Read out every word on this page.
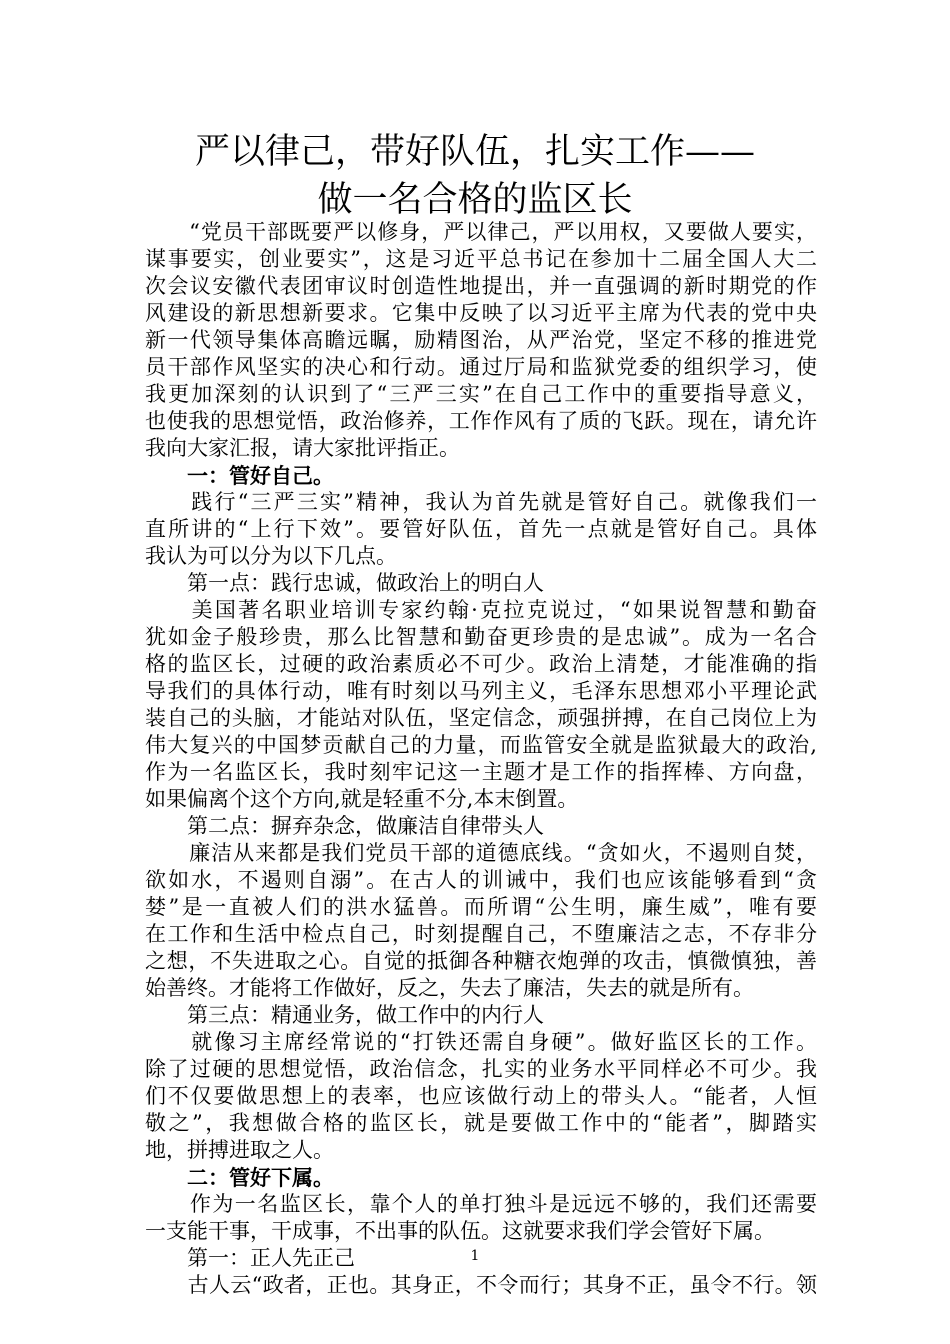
严以律己，带好队伍，扎实工作——
做一名合格的监区长
　　“党员干部既要严以修身，严以律己，严以用权，又要做人要实，
谋事要实，创业要实”，这是习近平总书记在参加十二届全国人大二
次会议安徽代表团审议时创造性地提出，并一直强调的新时期党的作
风建设的新思想新要求。它集中反映了以习近平主席为代表的党中央
新一代领导集体高瞻远瞩，励精图治，从严治党，坚定不移的推进党
员干部作风坚实的决心和行动。通过厅局和监狱党委的组织学习，使
我更加深刻的认识到了“三严三实”在自己工作中的重要指导意义，
也使我的思想觉悟，政治修养，工作作风有了质的飞跃。现在，请允许
我向大家汇报，请大家批评指正。
　　一：管好自己。
　　践行“三严三实”精神，我认为首先就是管好自己。就像我们一
直所讲的“上行下效”。要管好队伍，首先一点就是管好自己。具体
我认为可以分为以下几点。
　　第一点：践行忠诚，做政治上的明白人
　　美国著名职业培训专家约翰·克拉克说过，“如果说智慧和勤奋
犹如金子般珍贵，那么比智慧和勤奋更珍贵的是忠诚”。成为一名合
格的监区长，过硬的政治素质必不可少。政治上清楚，才能准确的指
导我们的具体行动，唯有时刻以马列主义，毛泽东思想邓小平理论武
装自己的头脑，才能站对队伍，坚定信念，顽强拼搏，在自己岗位上为
伟大复兴的中国梦贡献自己的力量，而监管安全就是监狱最大的政治,
作为一名监区长，我时刻牢记这一主题才是工作的指挥棒、方向盘，
如果偏离个这个方向,就是轻重不分,本末倒置。
　　第二点：摒弃杂念，做廉洁自律带头人
　　廉洁从来都是我们党员干部的道德底线。“贪如火，不遏则自焚，
欲如水，不遏则自溺”。在古人的训诫中，我们也应该能够看到“贪
婪”是一直被人们的洪水猛兽。而所谓“公生明，廉生威”，唯有要
在工作和生活中检点自己，时刻提醒自己，不堕廉洁之志，不存非分
之想，不失进取之心。自觉的抵御各种糖衣炮弹的攻击，慎微慎独，善
始善终。才能将工作做好，反之，失去了廉洁，失去的就是所有。
　　第三点：精通业务，做工作中的内行人
　　就像习主席经常说的“打铁还需自身硬”。做好监区长的工作。
除了过硬的思想觉悟，政治信念，扎实的业务水平同样必不可少。我
们不仅要做思想上的表率，也应该做行动上的带头人。“能者，人恒
敬之”，我想做合格的监区长，就是要做工作中的“能者”，脚踏实
地，拼搏进取之人。
　　二：管好下属。
　　作为一名监区长，靠个人的单打独斗是远远不够的，我们还需要
一支能干事，干成事，不出事的队伍。这就要求我们学会管好下属。
　　第一：正人先正己
　　古人云“政者，正也。其身正，不令而行；其身不正，虽令不行。领
1
